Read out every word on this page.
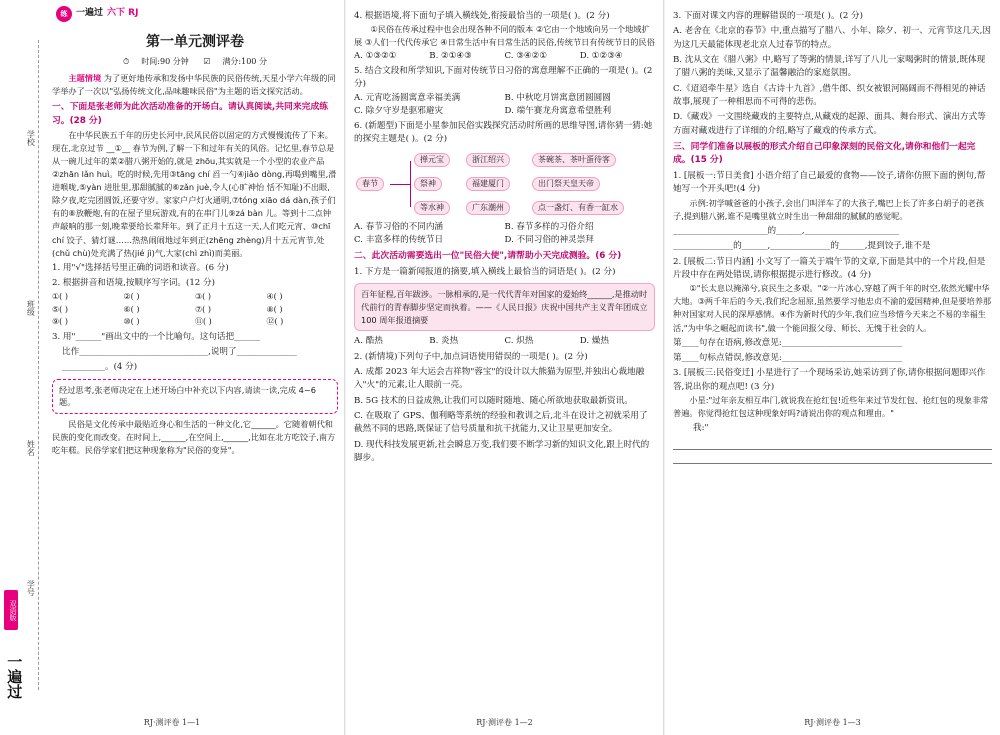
学校
班级
姓名
学号
双语版
一遍过
练 一遍过 六下 RJ
第一单元测评卷
⏱ 时间:90 分钟 ☑ 满分:100 分

主题情境 为了更好地传承和发扬中华民族的民俗传统,天星小学六年级的同学举办了一次以"弘扬传统文化,品味趣味民俗"为主题的语文探究活动。

一、下面是张老师为此次活动准备的开场白。请认真阅读,共同来完成练习。(28 分)

在中华民族五千年的历史长河中,民风民俗以固定的方式慢慢流传了下来。现在,北京过节 __①__ 春节为例,了解一下和过年有关的风俗。记忆里,春节总是从一碗儿过年的菜②腊八粥开始的,就是 zhōu,其实就是一个小型的农业产品②zhān lǎn huì。吃的时候,先用③tāng chí 舀一勺④jiǎo dòng,再喝到嘴里,滑进喉咙,⑤yàn 进肚里,那甜腻腻的⑥zǎn juè,令人(心旷神怡 恬不知耻)不出眼,除夕夜,吃完团圆饭,还要守岁。家家户户灯火通明,⑦tóng xiāo dá dàn,孩子们有的⑧放鞭炮,有的在屋子里玩游戏,有的在串门儿⑨zá bàn 儿。等到十二点钟声敲响的那一刻,晚辈要给长辈拜年。到了正月十五这一天,人们吃元宵、⑩chī chí 饺子、猜灯谜……热热闹闹地过年到正(zhēng zhèng)月十五元宵节,处(chǔ chù)处充满了热(jié jì)气,大家(chì zhì)而美丽。

1. 用"√"选择括号里正确的词语和读音。(6 分)
2. 根据拼音和语境,按顺序写字词。(12 分)
①( )	②( )	③( )	④( )
⑤( )	⑥( )	⑦( )	⑧( )
⑨( )	⑩( )	⑪( )	⑫( )
3. 用"______"画出文中的一个比喻句。这句话把______
比作______________________________,说明了______________
__________。(4 分)
经过思考,张老师决定在上述开场白中补充以下内容,请读一读,完成 4~6 题。

民俗是文化传承中最贴近身心和生活的一种文化,它______。它随着朝代和民族的变化而改变。在时间上,______,在空间上,______,比如在北方吃饺子,南方吃年糕。民俗学家们把这种现象称为"民俗的变异"。

RJ·测评卷 1—1
4. 根据语境,将下面句子填入横线处,衔接最恰当的一项是( )。(2 分)

①民俗在传承过程中也会出现各种不同的版本 ②它由一个地域向另一个地域扩展 ③人们一代代传承它 ④日常生活中有日常生活的民俗,传统节日有传统节日的民俗

A. ①③②①	B. ②①④③	C. ③④②①	D. ①②③④
5. 结合文段和所学知识,下面对传统节日习俗的寓意理解不正确的一项是( )。(2 分)
A. 元宵吃汤圆寓意幸福美满	B. 中秋吃月饼寓意团圆圆圆
C. 除夕守岁是驱邪避灾	D. 端午赛龙舟寓意希望胜利
6. (新题型)下面是小星参加民俗实践探究活动时所画的思维导图,请你猜一猜:她的探究主题是( )。(2 分)
春节
掸元宝
祭神
等水神
浙江绍兴
福建厦门
广东潮州
茶碗茶、茶叶蛋待客
出门祭天皇天帝
点一盏灯、有香一缸水
A. 春节习俗的不同内涵	B. 春节多样的习俗介绍
C. 丰富多样的传统节日	D. 不同习俗的神灵崇拜
二、此次活动需要选出一位"民俗大使",请帮助小天完成测验。(6 分)
1. 下方是一篇新闻报道的摘要,填入横线上最恰当的词语是( )。(2 分)
百年征程,百年跋涉。一脉相承的,是一代代青年对国家的爱始终______,是推动时代前行的青春脚步坚定而执着。——《人民日报》庆祝中国共产主义青年团成立 100 周年报道摘要
A. 酷热	B. 炎热	C. 炽热	D. 燥热
2. (新情境)下列句子中,加点词语使用错误的一项是( )。(2 分)

A. 成都 2023 年大运会吉祥物"蓉宝"的设计以大熊猫为原型,并独出心裁地融入"火"的元素,让人眼前一亮。

B. 5G 技术的日益成熟,让我们可以随时随地、随心所欲地获取最新资讯。

C. 在吸取了 GPS、伽利略等系统的经验和教训之后,北斗在设计之初就采用了截然不同的思路,既保证了信号质量和抗干扰能力,又让卫星更加安全。

D. 现代科技发展更新,社会瞬息万变,我们要不断学习新的知识文化,跟上时代的脚步。

RJ·测评卷 1—2
3. 下面对课文内容的理解错误的一项是( )。(2 分)

A. 老舍在《北京的春节》中,重点描写了腊八、小年、除夕、初一、元宵节这几天,因为这几天最能体现老北京人过春节的特点。

B. 沈从文在《腊八粥》中,略写了等粥的情景,详写了八儿一家喝粥时的情景,既体现了腊八粥的美味,又显示了温馨融洽的家庭氛围。

C.《迢迢牵牛星》选自《古诗十九首》,借牛郎、织女被银河隔阔而不得相见的神话故事,展现了一种相思而不可得的悲伤。

D.《藏戏》一文围绕藏戏的主要特点,从藏戏的起源、面具、舞台形式、演出方式等方面对藏戏进行了详细的介绍,略写了藏戏的传承方式。

三、同学们准备以展板的形式介绍自己印象深刻的民俗文化,请你和他们一起完成。(15 分)
1. [展板一:节日美食] 小语介绍了自己最爱的食物——饺子,请你仿照下面的例句,帮她写一个开头吧!(4 分)

示例:初学喊爸爸的小孩子,会出门叫洋车了的大孩子,嘴巴上长了许多白胡子的老孩子,提到腊八粥,谁不是嘴里就立时生出一种甜甜的腻腻的感觉呢。

______________________的______,______________________
______________的______,______________的______,提到饺子,谁不是
2. [展板二:节日内涵] 小文写了一篇关于端午节的文章,下面是其中的一个片段,但是片段中存在两处错误,请你根据提示进行修改。(4 分)

①"长太息以掩涕兮,哀民生之多艰。"②一片冰心,穿越了两千年的时空,依然光耀中华大地。③两千年后的今天,我们纪念屈原,虽然要学习他忠贞不渝的爱国精神,但是要培养那种对国家对人民的深厚感情。④作为新时代的少年,我们应当珍惜今天来之不易的幸福生活,"为中华之崛起而读书",做一个能回报父母、师长、无愧于社会的人。

第____句存在语病,修改意见:____________________________
第____句标点错误,修改意见:____________________________
3. [展板三:民俗变迁] 小星进行了一个现场采访,她采访到了你,请你根据问题即兴作答,说出你的观点吧! (3 分)

小星:"过年亲友相互串门,就说我在抢红包!近些年来过节发红包、抢红包的现象非常普遍。你觉得抢红包这种现象好吗?请说出你的观点和理由。"

我:"
RJ·测评卷 1—3
